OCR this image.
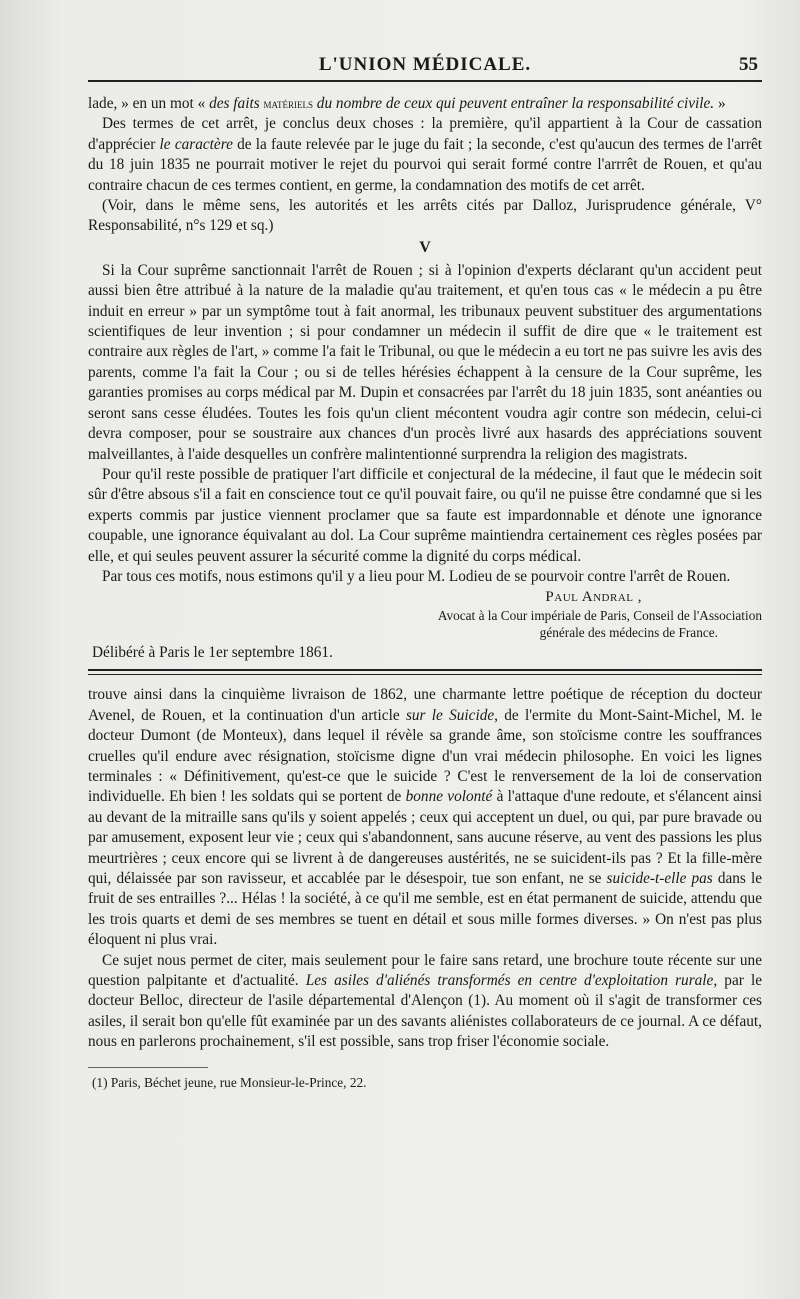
L'UNION MÉDICALE.	55

lade, » en un mot « des faits matériels du nombre de ceux qui peuvent entraîner la responsabilité civile. »

Des termes de cet arrêt, je conclus deux choses : la première, qu'il appartient à la Cour de cassation d'apprécier le caractère de la faute relevée par le juge du fait ; la seconde, c'est qu'aucun des termes de l'arrêt du 18 juin 1835 ne pourrait motiver le rejet du pourvoi qui serait formé contre l'arrrêt de Rouen, et qu'au contraire chacun de ces termes contient, en germe, la condamnation des motifs de cet arrêt.

(Voir, dans le même sens, les autorités et les arrêts cités par Dalloz, Jurisprudence générale, V° Responsabilité, n°s 129 et sq.)

V

Si la Cour suprême sanctionnait l'arrêt de Rouen ; si à l'opinion d'experts déclarant qu'un accident peut aussi bien être attribué à la nature de la maladie qu'au traitement, et qu'en tous cas « le médecin a pu être induit en erreur » par un symptôme tout à fait anormal, les tribunaux peuvent substituer des argumentations scientifiques de leur invention ; si pour condamner un médecin il suffit de dire que « le traitement est contraire aux règles de l'art, » comme l'a fait le Tribunal, ou que le médecin a eu tort ne pas suivre les avis des parents, comme l'a fait la Cour ; ou si de telles hérésies échappent à la censure de la Cour suprême, les garanties promises au corps médical par M. Dupin et consacrées par l'arrêt du 18 juin 1835, sont anéanties ou seront sans cesse éludées. Toutes les fois qu'un client mécontent voudra agir contre son médecin, celui-ci devra composer, pour se soustraire aux chances d'un procès livré aux hasards des appréciations souvent malveillantes, à l'aide desquelles un confrère malintentionné surprendra la religion des magistrats.

Pour qu'il reste possible de pratiquer l'art difficile et conjectural de la médecine, il faut que le médecin soit sûr d'être absous s'il a fait en conscience tout ce qu'il pouvait faire, ou qu'il ne puisse être condamné que si les experts commis par justice viennent proclamer que sa faute est impardonnable et dénote une ignorance coupable, une ignorance équivalant au dol. La Cour suprême maintiendra certainement ces règles posées par elle, et qui seules peuvent assurer la sécurité comme la dignité du corps médical.

Par tous ces motifs, nous estimons qu'il y a lieu pour M. Lodieu de se pourvoir contre l'arrêt de Rouen.

Paul Andral ,
Avocat à la Cour impériale de Paris, Conseil de l'Association
générale des médecins de France.
Délibéré à Paris le 1er septembre 1861.

trouve ainsi dans la cinquième livraison de 1862, une charmante lettre poétique de réception du docteur Avenel, de Rouen, et la continuation d'un article sur le Suicide, de l'ermite du Mont-Saint-Michel, M. le docteur Dumont (de Monteux), dans lequel il révèle sa grande âme, son stoïcisme contre les souffrances cruelles qu'il endure avec résignation, stoïcisme digne d'un vrai médecin philosophe. En voici les lignes terminales : « Définitivement, qu'est-ce que le suicide ? C'est le renversement de la loi de conservation individuelle. Eh bien ! les soldats qui se portent de bonne volonté à l'attaque d'une redoute, et s'élancent ainsi au devant de la mitraille sans qu'ils y soient appelés ; ceux qui acceptent un duel, ou qui, par pure bravade ou par amusement, exposent leur vie ; ceux qui s'abandonnent, sans aucune réserve, au vent des passions les plus meurtrières ; ceux encore qui se livrent à de dangereuses austérités, ne se suicident-ils pas ? Et la fille-mère qui, délaissée par son ravisseur, et accablée par le désespoir, tue son enfant, ne se suicide-t-elle pas dans le fruit de ses entrailles ?... Hélas ! la société, à ce qu'il me semble, est en état permanent de suicide, attendu que les trois quarts et demi de ses membres se tuent en détail et sous mille formes diverses. » On n'est pas plus éloquent ni plus vrai.

Ce sujet nous permet de citer, mais seulement pour le faire sans retard, une brochure toute récente sur une question palpitante et d'actualité. Les asiles d'aliénés transformés en centre d'exploitation rurale, par le docteur Belloc, directeur de l'asile départemental d'Alençon (1). Au moment où il s'agit de transformer ces asiles, il serait bon qu'elle fût examinée par un des savants aliénistes collaborateurs de ce journal. A ce défaut, nous en parlerons prochainement, s'il est possible, sans trop friser l'économie sociale.

(1) Paris, Béchet jeune, rue Monsieur-le-Prince, 22.
